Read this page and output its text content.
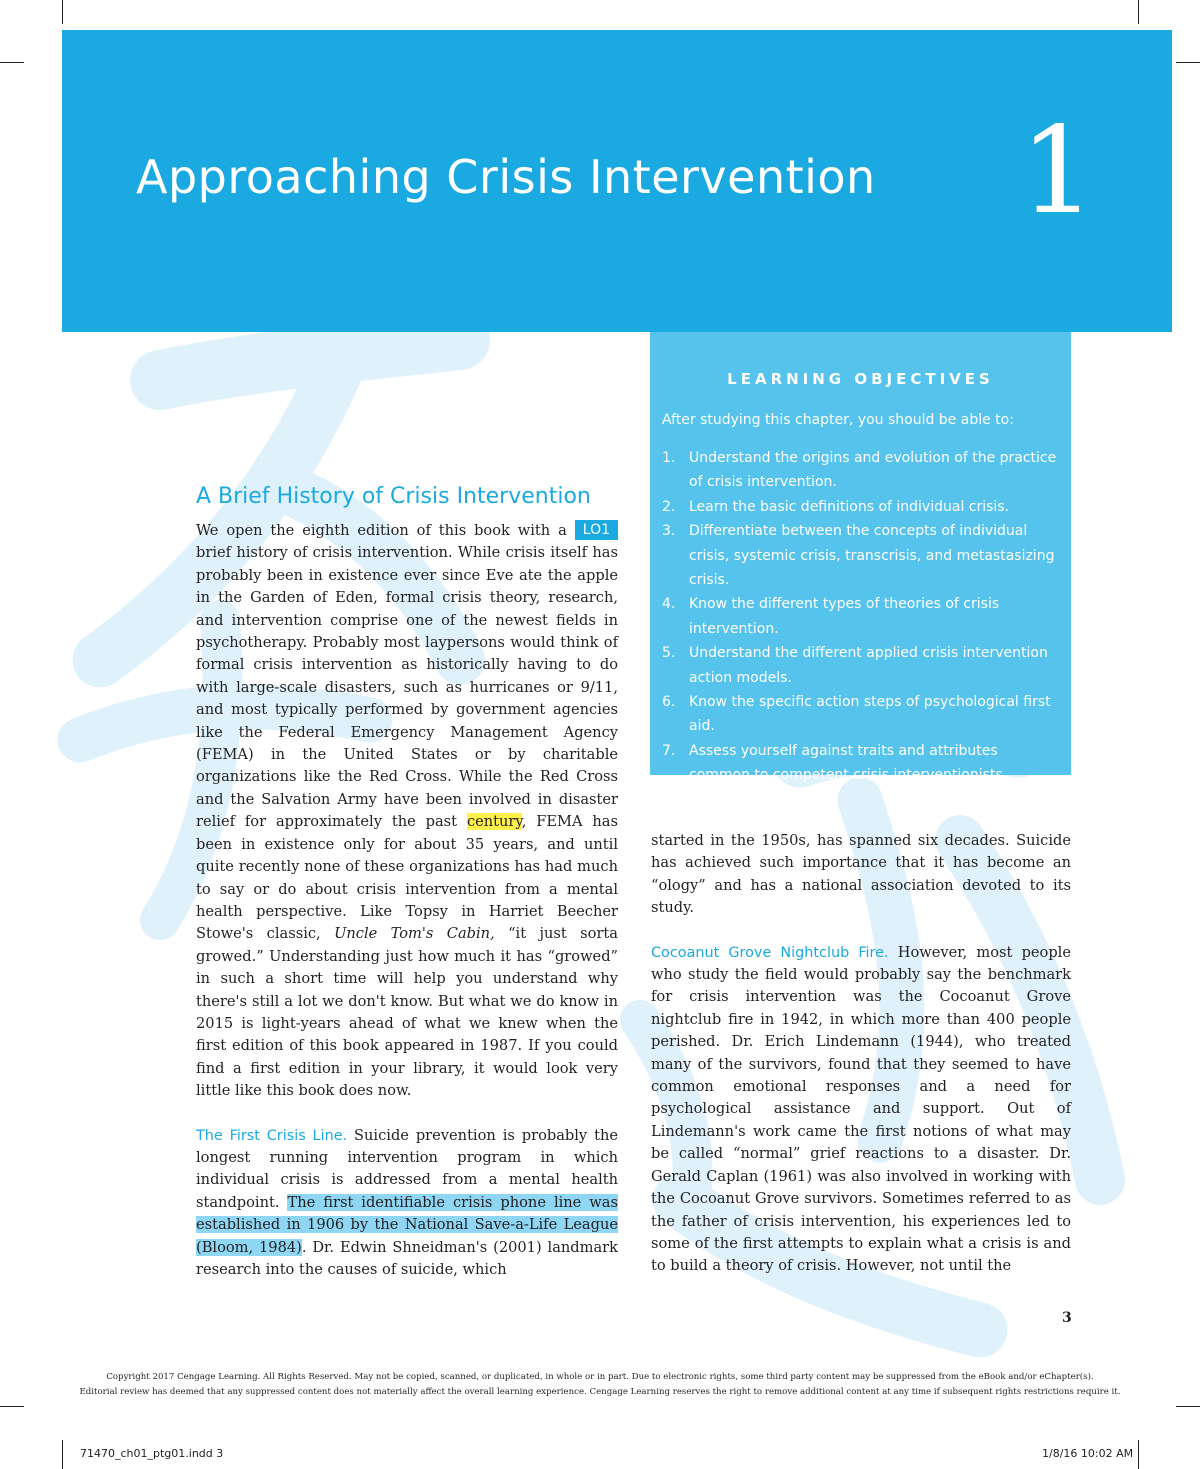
Approaching Crisis Intervention 1
LEARNING OBJECTIVES
After studying this chapter, you should be able to:
1. Understand the origins and evolution of the practice of crisis intervention.
2. Learn the basic definitions of individual crisis.
3. Differentiate between the concepts of individual crisis, systemic crisis, transcrisis, and metastasizing crisis.
4. Know the different types of theories of crisis intervention.
5. Understand the different applied crisis intervention action models.
6. Know the specific action steps of psychological first aid.
7. Assess yourself against traits and attributes common to competent crisis interventionists.
A Brief History of Crisis Intervention

LO1
We open the eighth edition of this book with a brief history of crisis intervention. While crisis itself has probably been in existence ever since Eve ate the apple in the Garden of Eden, formal crisis theory, research, and intervention comprise one of the newest fields in psychotherapy. Probably most laypersons would think of formal crisis intervention as historically having to do with large-scale disasters, such as hurricanes or 9/11, and most typically performed by government agencies like the Federal Emergency Management Agency (FEMA) in the United States or by charitable organizations like the Red Cross. While the Red Cross and the Salvation Army have been involved in disaster relief for approximately the past century, FEMA has been in existence only for about 35 years, and until quite recently none of these organizations has had much to say or do about crisis intervention from a mental health perspective. Like Topsy in Harriet Beecher Stowe's classic, Uncle Tom's Cabin, “it just sorta growed.” Understanding just how much it has “growed” in such a short time will help you understand why there's still a lot we don't know. But what we do know in 2015 is light-years ahead of what we knew when the first edition of this book appeared in 1987. If you could find a first edition in your library, it would look very little like this book does now.

The First Crisis Line. Suicide prevention is probably the longest running intervention program in which individual crisis is addressed from a mental health standpoint. The first identifiable crisis phone line was established in 1906 by the National Save-a-Life League (Bloom, 1984). Dr. Edwin Shneidman's (2001) landmark research into the causes of suicide, which

started in the 1950s, has spanned six decades. Suicide has achieved such importance that it has become an “ology” and has a national association devoted to its study.

Cocoanut Grove Nightclub Fire. However, most people who study the field would probably say the benchmark for crisis intervention was the Cocoanut Grove nightclub fire in 1942, in which more than 400 people perished. Dr. Erich Lindemann (1944), who treated many of the survivors, found that they seemed to have common emotional responses and a need for psychological assistance and support. Out of Lindemann's work came the first notions of what may be called “normal” grief reactions to a disaster. Dr. Gerald Caplan (1961) was also involved in working with the Cocoanut Grove survivors. Sometimes referred to as the father of crisis intervention, his experiences led to some of the first attempts to explain what a crisis is and to build a theory of crisis. However, not until the

3
Copyright 2017 Cengage Learning. All Rights Reserved. May not be copied, scanned, or duplicated, in whole or in part. Due to electronic rights, some third party content may be suppressed from the eBook and/or eChapter(s).
Editorial review has deemed that any suppressed content does not materially affect the overall learning experience. Cengage Learning reserves the right to remove additional content at any time if subsequent rights restrictions require it.
71470_ch01_ptg01.indd 3	1/8/16 10:02 AM
